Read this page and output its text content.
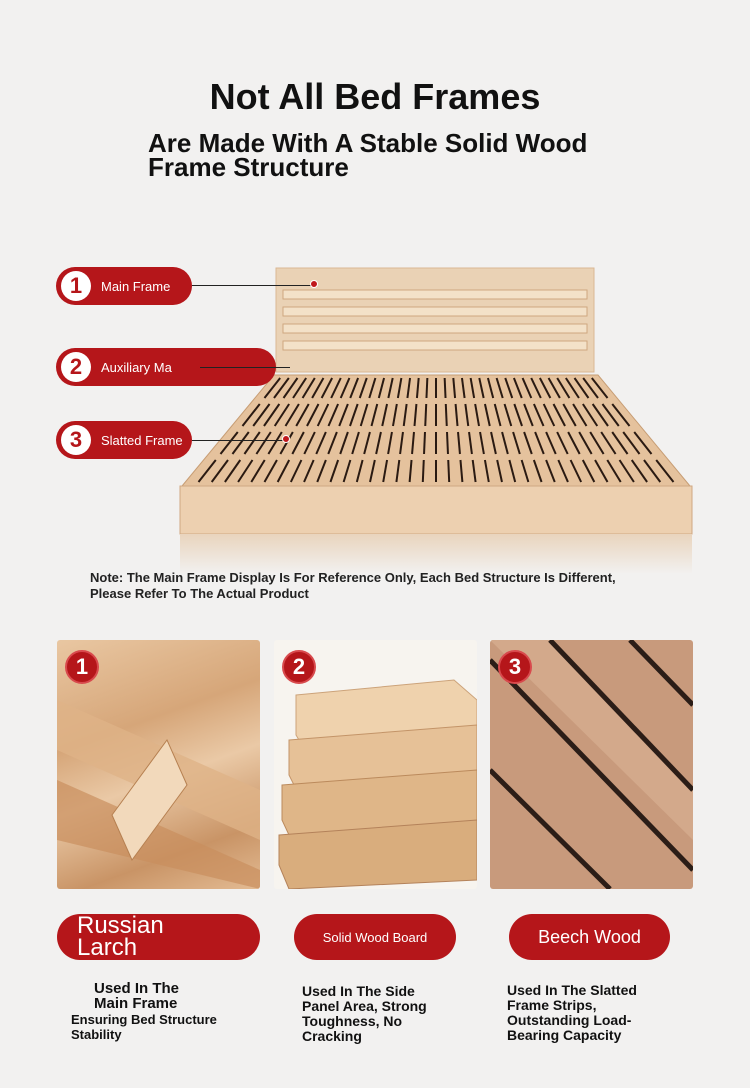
Not All Bed Frames
Are Made With A Stable Solid Wood Frame Structure
1	Main Frame
2	Auxiliary Ma
3	Slatted Frame
Note: The Main Frame Display Is For Reference Only, Each Bed Structure Is Different, Please Refer To The Actual Product
1	2	3
Russian Larch	Solid Wood Board	Beech Wood
Used In The Main Frame
Ensuring Bed Structure Stability
Used In The Side Panel Area, Strong Toughness, No Cracking
Used In The Slatted Frame Strips, Outstanding Load-Bearing Capacity
